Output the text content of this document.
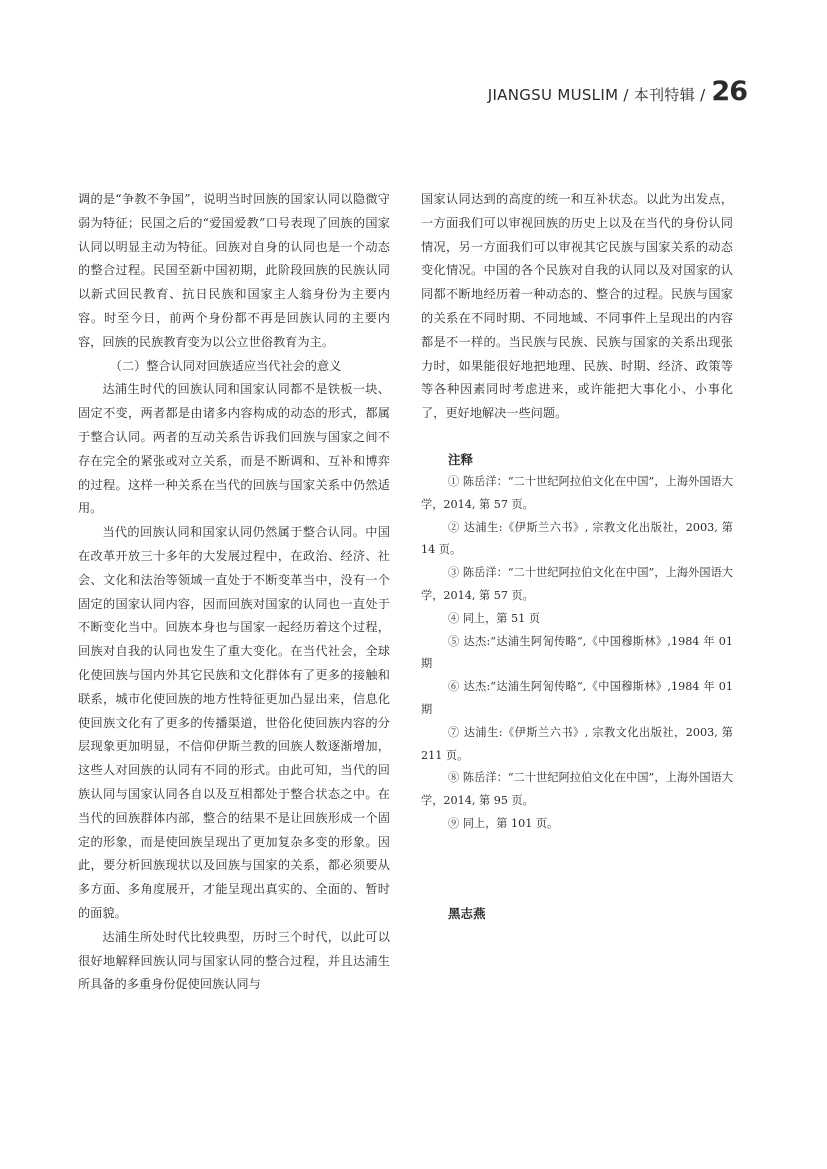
JIANGSU MUSLIM / 本刊特辑 / 26

调的是“争教不争国”，说明当时回族的国家认同以隐微守弱为特征；民国之后的“爱国爱教”口号表现了回族的国家认同以明显主动为特征。回族对自身的认同也是一个动态的整合过程。民国至新中国初期，此阶段回族的民族认同以新式回民教育、抗日民族和国家主人翁身份为主要内容。时至今日，前两个身份都不再是回族认同的主要内容，回族的民族教育变为以公立世俗教育为主。

（二）整合认同对回族适应当代社会的意义

达浦生时代的回族认同和国家认同都不是铁板一块、固定不变，两者都是由诸多内容构成的动态的形式，都属于整合认同。两者的互动关系告诉我们回族与国家之间不存在完全的紧张或对立关系，而是不断调和、互补和博弈的过程。这样一种关系在当代的回族与国家关系中仍然适用。

当代的回族认同和国家认同仍然属于整合认同。中国在改革开放三十多年的大发展过程中，在政治、经济、社会、文化和法治等领域一直处于不断变革当中，没有一个固定的国家认同内容，因而回族对国家的认同也一直处于不断变化当中。回族本身也与国家一起经历着这个过程，回族对自我的认同也发生了重大变化。在当代社会，全球化使回族与国内外其它民族和文化群体有了更多的接触和联系，城市化使回族的地方性特征更加凸显出来，信息化使回族文化有了更多的传播渠道，世俗化使回族内容的分层现象更加明显，不信仰伊斯兰教的回族人数逐渐增加，这些人对回族的认同有不同的形式。由此可知，当代的回族认同与国家认同各自以及互相都处于整合状态之中。在当代的回族群体内部，整合的结果不是让回族形成一个固定的形象，而是使回族呈现出了更加复杂多变的形象。因此，要分析回族现状以及回族与国家的关系，都必须要从多方面、多角度展开，才能呈现出真实的、全面的、暂时的面貌。

达浦生所处时代比较典型，历时三个时代，以此可以很好地解释回族认同与国家认同的整合过程，并且达浦生所具备的多重身份促使回族认同与

国家认同达到的高度的统一和互补状态。以此为出发点，一方面我们可以审视回族的历史上以及在当代的身份认同情况，另一方面我们可以审视其它民族与国家关系的动态变化情况。中国的各个民族对自我的认同以及对国家的认同都不断地经历着一种动态的、整合的过程。民族与国家的关系在不同时期、不同地域、不同事件上呈现出的内容都是不一样的。当民族与民族、民族与国家的关系出现张力时，如果能很好地把地理、民族、时期、经济、政策等等各种因素同时考虑进来，或许能把大事化小、小事化了，更好地解决一些问题。

注释
① 陈岳洋：“二十世纪阿拉伯文化在中国”，上海外国语大学，2014, 第 57 页。
② 达浦生:《伊斯兰六书》, 宗教文化出版社，2003, 第 14 页。
③ 陈岳洋：“二十世纪阿拉伯文化在中国”，上海外国语大学，2014, 第 57 页。
④ 同上，第 51 页
⑤ 达杰:“达浦生阿訇传略”,《中国穆斯林》,1984 年 01 期
⑥ 达杰:“达浦生阿訇传略”,《中国穆斯林》,1984 年 01 期
⑦ 达浦生:《伊斯兰六书》, 宗教文化出版社，2003, 第 211 页。
⑧ 陈岳洋：“二十世纪阿拉伯文化在中国”，上海外国语大学，2014, 第 95 页。
⑨ 同上，第 101 页。
黑志燕
